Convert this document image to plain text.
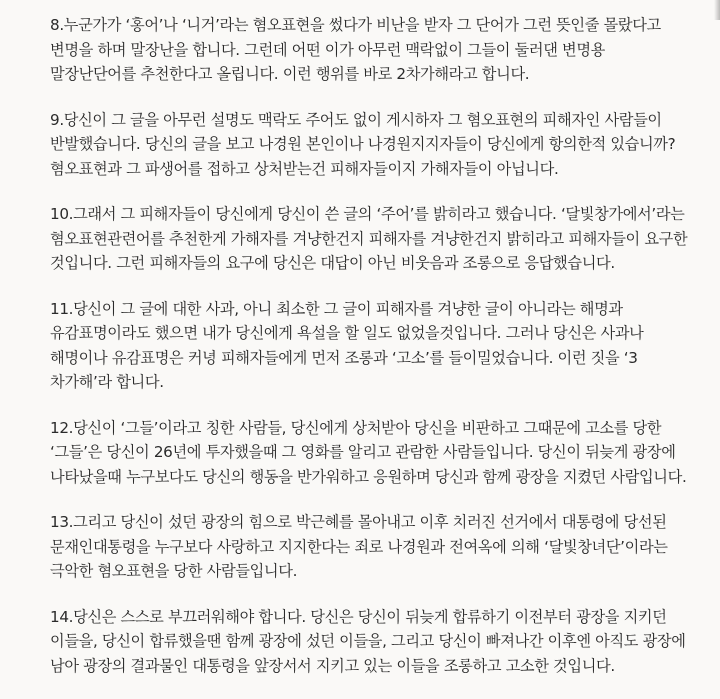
8.누군가가 ‘홍어’나 ‘니거’라는 혐오표현을 썼다가 비난을 받자 그 단어가 그런 뜻인줄 몰랐다고
변명을 하며 말장난을 합니다. 그런데 어떤 이가 아무런 맥락없이 그들이 둘러댄 변명용
말장난단어를 추천한다고 올립니다. 이런 행위를 바로 2차가해라고 합니다.
9.당신이 그 글을 아무런 설명도 맥락도 주어도 없이 게시하자 그 혐오표현의 피해자인 사람들이
반발했습니다. 당신의 글을 보고 나경원 본인이나 나경원지지자들이 당신에게 항의한적 있습니까?
혐오표현과 그 파생어를 접하고 상처받는건 피해자들이지 가해자들이 아닙니다.
10.그래서 그 피해자들이 당신에게 당신이 쓴 글의 ‘주어’를 밝히라고 했습니다. ‘달빛창가에서’라는
혐오표현관련어를 추천한게 가해자를 겨냥한건지 피해자를 겨냥한건지 밝히라고 피해자들이 요구한
것입니다. 그런 피해자들의 요구에 당신은 대답이 아닌 비웃음과 조롱으로 응답했습니다.
11.당신이 그 글에 대한 사과, 아니 최소한 그 글이 피해자를 겨냥한 글이 아니라는 해명과
유감표명이라도 했으면 내가 당신에게 욕설을 할 일도 없었을것입니다. 그러나 당신은 사과나
해명이나 유감표명은 커녕 피해자들에게 먼저 조롱과 ‘고소’를 들이밀었습니다. 이런 짓을 ‘3
차가해’라 합니다.
12.당신이 ‘그들’이라고 칭한 사람들, 당신에게 상처받아 당신을 비판하고 그때문에 고소를 당한
‘그들’은 당신이 26년에 투자했을때 그 영화를 알리고 관람한 사람들입니다. 당신이 뒤늦게 광장에
나타났을때 누구보다도 당신의 행동을 반가워하고 응원하며 당신과 함께 광장을 지켰던 사람입니다.
13.그리고 당신이 섰던 광장의 힘으로 박근혜를 몰아내고 이후 치러진 선거에서 대통령에 당선된
문재인대통령을 누구보다 사랑하고 지지한다는 죄로 나경원과 전여옥에 의해 ‘달빛창녀단’이라는
극악한 혐오표현을 당한 사람들입니다.
14.당신은 스스로 부끄러워해야 합니다. 당신은 당신이 뒤늦게 합류하기 이전부터 광장을 지키던
이들을, 당신이 합류했을땐 함께 광장에 섰던 이들을, 그리고 당신이 빠져나간 이후엔 아직도 광장에
남아 광장의 결과물인 대통령을 앞장서서 지키고 있는 이들을 조롱하고 고소한 것입니다.
